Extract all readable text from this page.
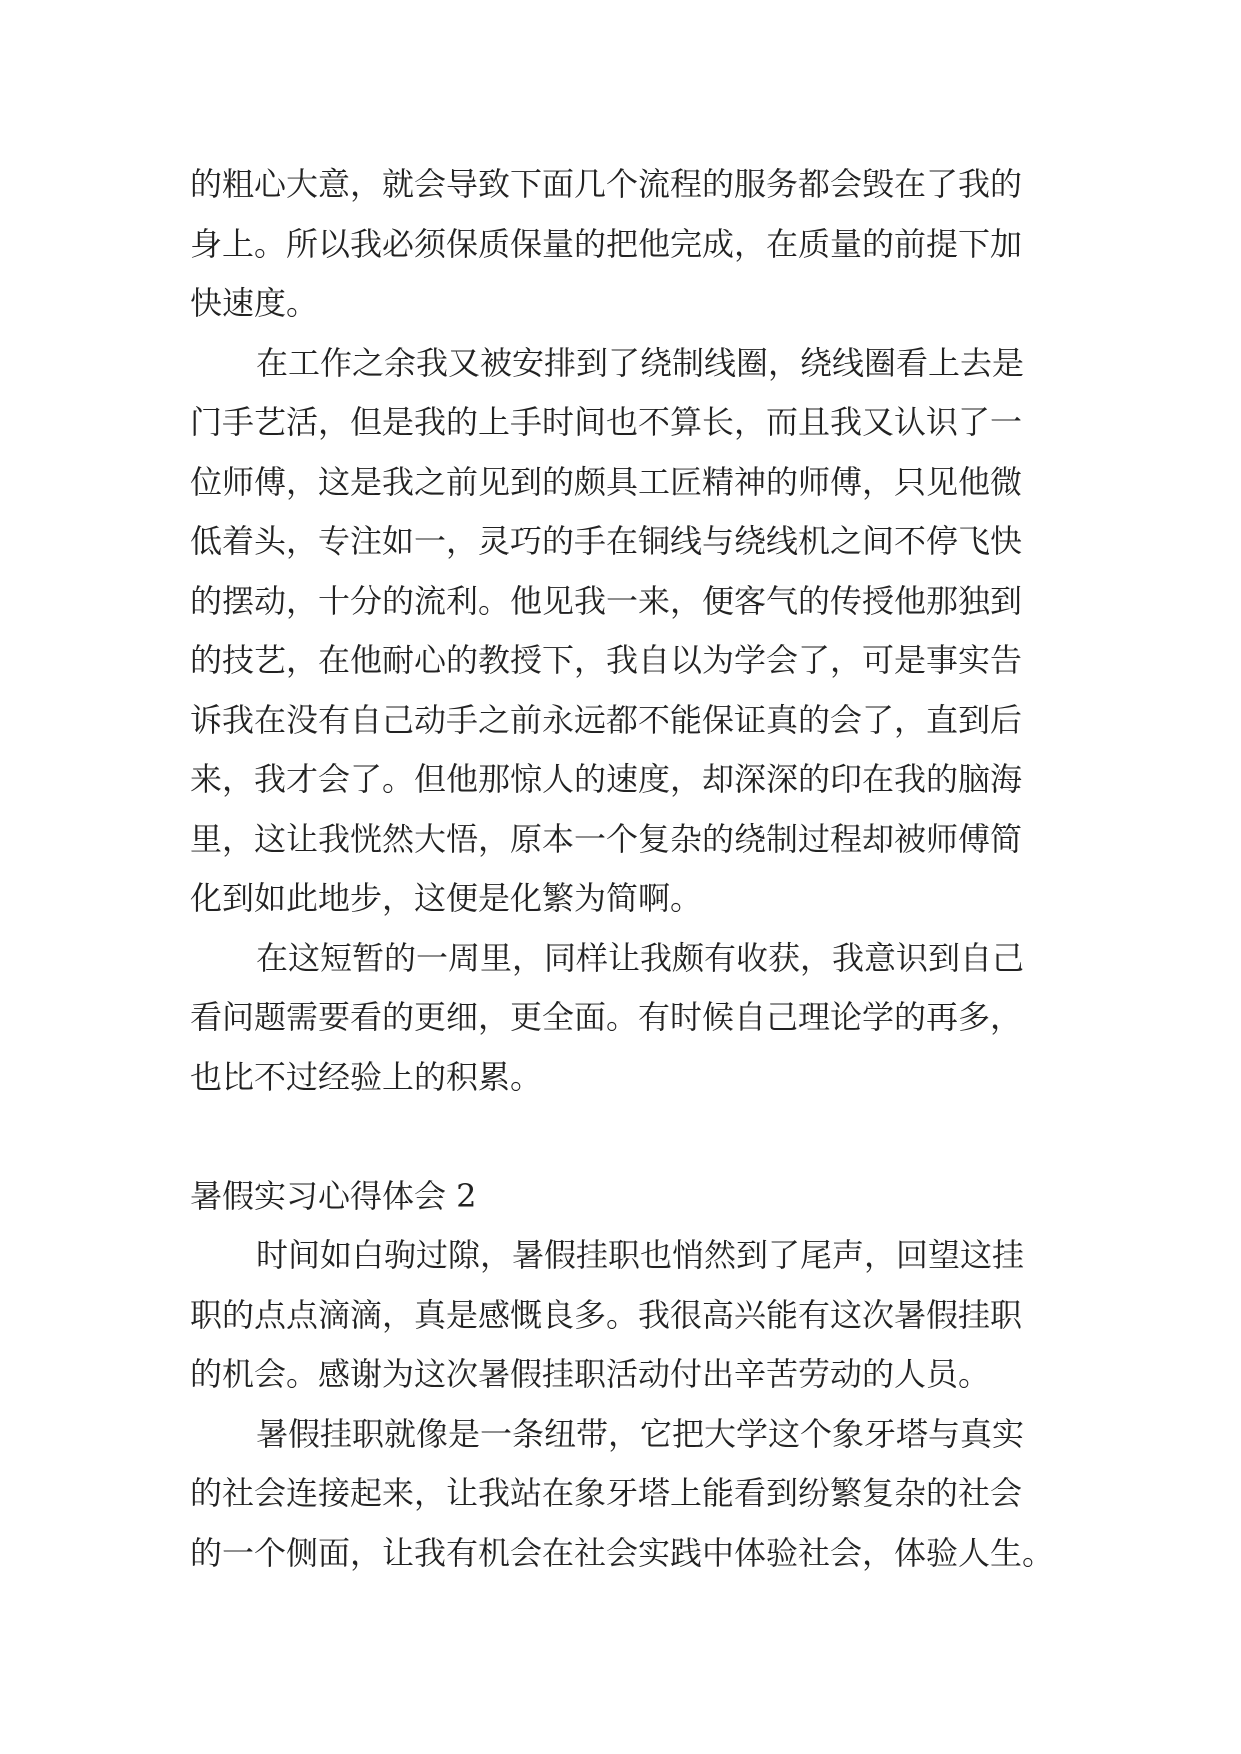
的粗心大意，就会导致下面几个流程的服务都会毁在了我的
身上。所以我必须保质保量的把他完成，在质量的前提下加
快速度。
在工作之余我又被安排到了绕制线圈，绕线圈看上去是
门手艺活，但是我的上手时间也不算长，而且我又认识了一
位师傅，这是我之前见到的颇具工匠精神的师傅，只见他微
低着头，专注如一，灵巧的手在铜线与绕线机之间不停飞快
的摆动，十分的流利。他见我一来，便客气的传授他那独到
的技艺，在他耐心的教授下，我自以为学会了，可是事实告
诉我在没有自己动手之前永远都不能保证真的会了，直到后
来，我才会了。但他那惊人的速度，却深深的印在我的脑海
里，这让我恍然大悟，原本一个复杂的绕制过程却被师傅简
化到如此地步，这便是化繁为简啊。
在这短暂的一周里，同样让我颇有收获，我意识到自己
看问题需要看的更细，更全面。有时候自己理论学的再多，
也比不过经验上的积累。
暑假实习心得体会 2
时间如白驹过隙，暑假挂职也悄然到了尾声，回望这挂
职的点点滴滴，真是感慨良多。我很高兴能有这次暑假挂职
的机会。感谢为这次暑假挂职活动付出辛苦劳动的人员。
暑假挂职就像是一条纽带，它把大学这个象牙塔与真实
的社会连接起来，让我站在象牙塔上能看到纷繁复杂的社会
的一个侧面，让我有机会在社会实践中体验社会，体验人生。
